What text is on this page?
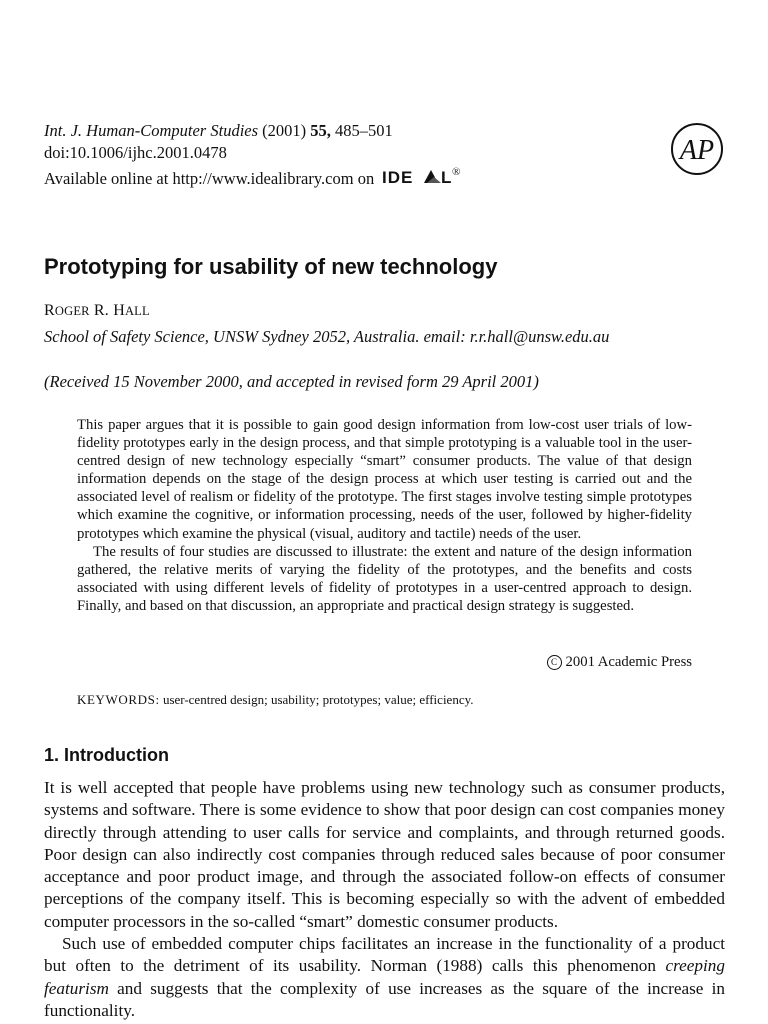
Int. J. Human-Computer Studies (2001) 55, 485–501
doi:10.1006/ijhc.2001.0478
Available online at http://www.idealibrary.com on IDE L ®
AP
Prototyping for usability of new technology
ROGER R. HALL
School of Safety Science, UNSW Sydney 2052, Australia. email: r.r.hall@unsw.edu.au
(Received 15 November 2000, and accepted in revised form 29 April 2001)

This paper argues that it is possible to gain good design information from low-cost user trials of low-fidelity prototypes early in the design process, and that simple prototyping is a valuable tool in the user-centred design of new technology especially “smart” consumer products. The value of that design information depends on the stage of the design process at which user testing is carried out and the associated level of realism or fidelity of the prototype. The first stages involve testing simple prototypes which examine the cognitive, or information processing, needs of the user, followed by higher-fidelity prototypes which examine the physical (visual, auditory and tactile) needs of the user.

The results of four studies are discussed to illustrate: the extent and nature of the design information gathered, the relative merits of varying the fidelity of the prototypes, and the benefits and costs associated with using different levels of fidelity of prototypes in a user-centred approach to design. Finally, and based on that discussion, an appropriate and practical design strategy is suggested.

C 2001 Academic Press
KEYWORDS: user-centred design; usability; prototypes; value; efficiency.
1. Introduction

It is well accepted that people have problems using new technology such as consumer products, systems and software. There is some evidence to show that poor design can cost companies money directly through attending to user calls for service and complaints, and through returned goods. Poor design can also indirectly cost companies through reduced sales because of poor consumer acceptance and poor product image, and through the associated follow-on effects of consumer perceptions of the company itself. This is becoming especially so with the advent of embedded computer processors in the so-called “smart” domestic consumer products.

Such use of embedded computer chips facilitates an increase in the functionality of a product but often to the detriment of its usability. Norman (1988) calls this phenomenon creeping featurism and suggests that the complexity of use increases as the square of the increase in functionality.
